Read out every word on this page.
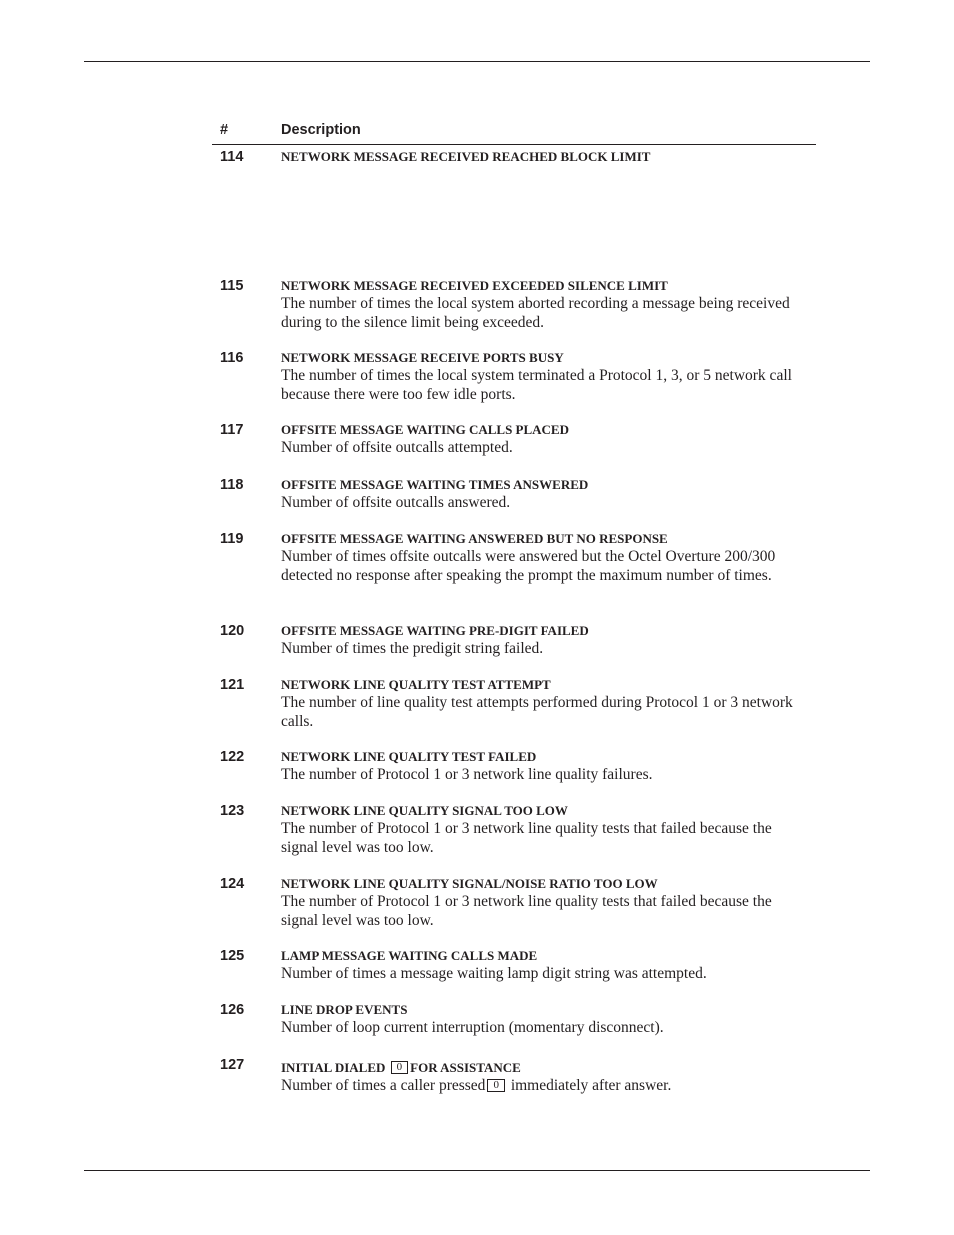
#	Description
114	NETWORK MESSAGE RECEIVED REACHED BLOCK LIMIT
115	NETWORK MESSAGE RECEIVED EXCEEDED SILENCE LIMIT
The number of times the local system aborted recording a message being received during to the silence limit being exceeded.
116	NETWORK MESSAGE RECEIVE PORTS BUSY
The number of times the local system terminated a Protocol 1, 3, or 5 network call because there were too few idle ports.
117	OFFSITE MESSAGE WAITING CALLS PLACED
Number of offsite outcalls attempted.
118	OFFSITE MESSAGE WAITING TIMES ANSWERED
Number of offsite outcalls answered.
119	OFFSITE MESSAGE WAITING ANSWERED BUT NO RESPONSE
Number of times offsite outcalls were answered but the Octel Overture 200/300 detected no response after speaking the prompt the maximum number of times.
120	OFFSITE MESSAGE WAITING PRE-DIGIT FAILED
Number of times the predigit string failed.
121	NETWORK LINE QUALITY TEST ATTEMPT
The number of line quality test attempts performed during Protocol 1 or 3 network calls.
122	NETWORK LINE QUALITY TEST FAILED
The number of Protocol 1 or 3 network line quality failures.
123	NETWORK LINE QUALITY SIGNAL TOO LOW
The number of Protocol 1 or 3 network line quality tests that failed because the signal level was too low.
124	NETWORK LINE QUALITY SIGNAL/NOISE RATIO TOO LOW
The number of Protocol 1 or 3 network line quality tests that failed because the signal level was too low.
125	LAMP MESSAGE WAITING CALLS MADE
Number of times a message waiting lamp digit string was attempted.
126	LINE DROP EVENTS
Number of loop current interruption (momentary disconnect).
127	INITIAL DIALED 0 FOR ASSISTANCE
Number of times a caller pressed 0 immediately after answer.
